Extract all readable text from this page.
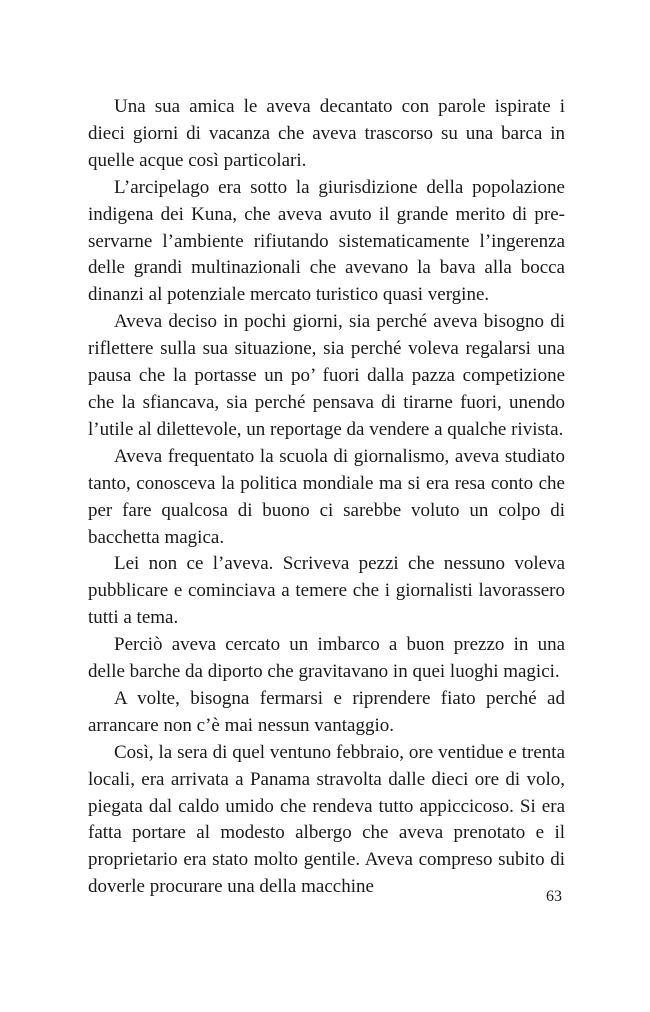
Una sua amica le aveva decantato con parole ispirate i dieci giorni di vacanza che aveva trascorso su una barca in quelle acque così particolari.

L’arcipelago era sotto la giurisdizione della popolazione indigena dei Kuna, che aveva avuto il grande merito di preservarne l’ambiente rifiutando sistematicamente l’ingerenza delle grandi multinazionali che avevano la bava alla bocca dinanzi al potenziale mercato turistico quasi vergine.

Aveva deciso in pochi giorni, sia perché aveva bisogno di riflettere sulla sua situazione, sia perché voleva regalarsi una pausa che la portasse un po’ fuori dalla pazza competizione che la sfiancava, sia perché pensava di tirarne fuori, unendo l’utile al dilettevole, un reportage da vendere a qualche rivista.

Aveva frequentato la scuola di giornalismo, aveva studiato tanto, conosceva la politica mondiale ma si era resa conto che per fare qualcosa di buono ci sarebbe voluto un colpo di bacchetta magica.

Lei non ce l’aveva. Scriveva pezzi che nessuno voleva pubblicare e cominciava a temere che i giornalisti lavorassero tutti a tema.

Perciò aveva cercato un imbarco a buon prezzo in una delle barche da diporto che gravitavano in quei luoghi magici.

A volte, bisogna fermarsi e riprendere fiato perché ad arrancare non c’è mai nessun vantaggio.

Così, la sera di quel ventuno febbraio, ore ventidue e trenta locali, era arrivata a Panama stravolta dalle dieci ore di volo, piegata dal caldo umido che rendeva tutto appiccicoso. Si era fatta portare al modesto albergo che aveva prenotato e il proprietario era stato molto gentile. Aveva compreso subito di doverle procurare una della macchine	63
